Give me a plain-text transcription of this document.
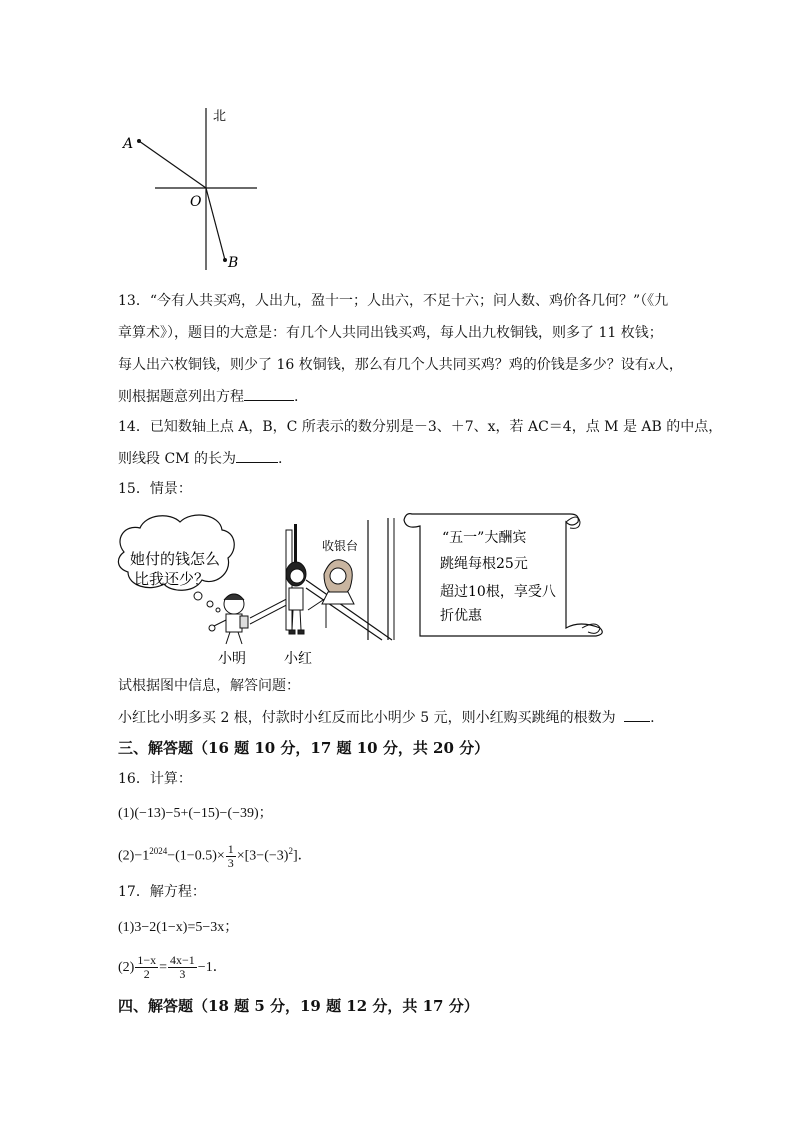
北
A
O
B
13．“今有人共买鸡，人出九，盈十一；人出六，不足十六；问人数、鸡价各几何？”（《九
章算术》），题目的大意是：有几个人共同出钱买鸡，每人出九枚铜钱，则多了 11 枚钱；
每人出六枚铜钱，则少了 16 枚铜钱，那么有几个人共同买鸡？鸡的价钱是多少？设有x人，
则根据题意列出方程	.
14．已知数轴上点 A，B，C 所表示的数分别是－3、＋7、x，若 AC＝4，点 M 是 AB 的中点，
则线段 CM 的长为	.
15．情景：
她付的钱怎么
比我还少？
收银台	“五一”大酬宾
跳绳每根25元
超过10根，享受八
折优惠
小明	小红
试根据图中信息，解答问题：
小红比小明多买 2 根，付款时小红反而比小明少 5 元，则小红购买跳绳的根数为 .
三、解答题（16 题 10 分，17 题 10 分，共 20 分）
16．计算：
(1)(−13)−5+(−15)−(−39)；
$(2)-1^{2024}-(1-0.5)\times \frac{1}{3} \times[3-(-3)^2]$．
17．解方程：
(1)3−2(1−x)=5−3x；
$(2) \frac{1-x}{2} = \frac{4x-1}{3} -1$．
四、解答题（18 题 5 分，19 题 12 分，共 17 分）
